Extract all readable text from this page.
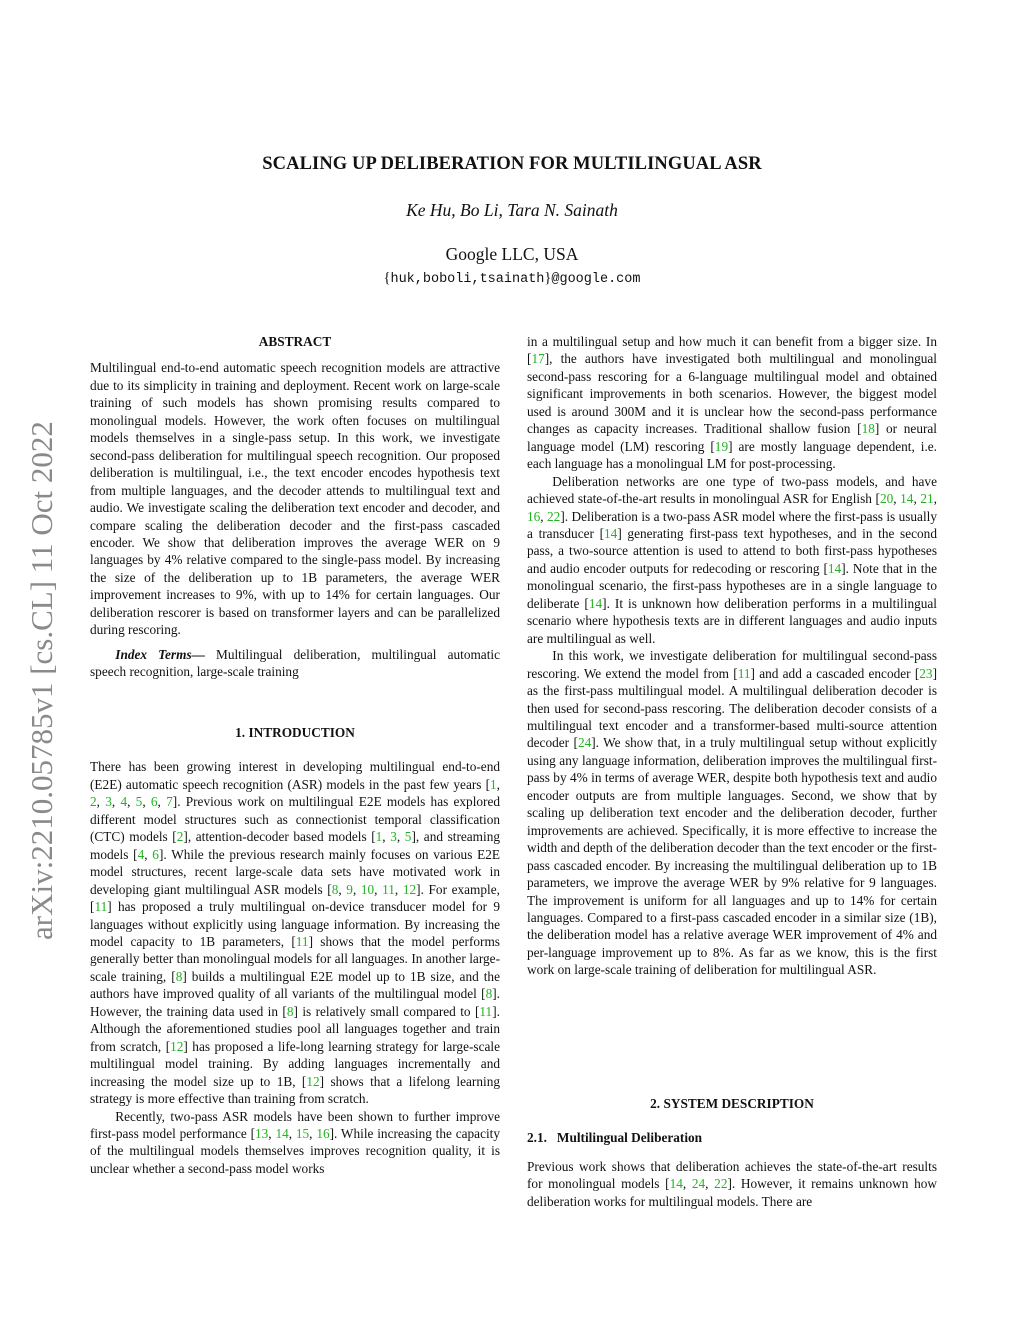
SCALING UP DELIBERATION FOR MULTILINGUAL ASR
Ke Hu, Bo Li, Tara N. Sainath
Google LLC, USA
{huk,boboli,tsainath}@google.com
arXiv:2210.05785v1 [cs.CL] 11 Oct 2022
ABSTRACT

Multilingual end-to-end automatic speech recognition models are attractive due to its simplicity in training and deployment. Recent work on large-scale training of such models has shown promising results compared to monolingual models. However, the work often focuses on multilingual models themselves in a single-pass setup. In this work, we investigate second-pass deliberation for multilingual speech recognition. Our proposed deliberation is multilingual, i.e., the text encoder encodes hypothesis text from multiple languages, and the decoder attends to multilingual text and audio. We investigate scaling the deliberation text encoder and decoder, and compare scaling the deliberation decoder and the first-pass cascaded encoder. We show that deliberation improves the average WER on 9 languages by 4% relative compared to the single-pass model. By increasing the size of the deliberation up to 1B parameters, the average WER improvement increases to 9%, with up to 14% for certain languages. Our deliberation rescorer is based on transformer layers and can be parallelized during rescoring.

Index Terms— Multilingual deliberation, multilingual automatic speech recognition, large-scale training

1. INTRODUCTION

There has been growing interest in developing multilingual end-to-end (E2E) automatic speech recognition (ASR) models in the past few years [1, 2, 3, 4, 5, 6, 7]. Previous work on multilingual E2E models has explored different model structures such as connectionist temporal classification (CTC) models [2], attention-decoder based models [1, 3, 5], and streaming models [4, 6]. While the previous research mainly focuses on various E2E model structures, recent large-scale data sets have motivated work in developing giant multilingual ASR models [8, 9, 10, 11, 12]. For example, [11] has proposed a truly multilingual on-device transducer model for 9 languages without explicitly using language information. By increasing the model capacity to 1B parameters, [11] shows that the model performs generally better than monolingual models for all languages. In another large-scale training, [8] builds a multilingual E2E model up to 1B size, and the authors have improved quality of all variants of the multilingual model [8]. However, the training data used in [8] is relatively small compared to [11]. Although the aforementioned studies pool all languages together and train from scratch, [12] has proposed a life-long learning strategy for large-scale multilingual model training. By adding languages incrementally and increasing the model size up to 1B, [12] shows that a lifelong learning strategy is more effective than training from scratch.

Recently, two-pass ASR models have been shown to further improve first-pass model performance [13, 14, 15, 16]. While increasing the capacity of the multilingual models themselves improves recognition quality, it is unclear whether a second-pass model works

in a multilingual setup and how much it can benefit from a bigger size. In [17], the authors have investigated both multilingual and monolingual second-pass rescoring for a 6-language multilingual model and obtained significant improvements in both scenarios. However, the biggest model used is around 300M and it is unclear how the second-pass performance changes as capacity increases. Traditional shallow fusion [18] or neural language model (LM) rescoring [19] are mostly language dependent, i.e. each language has a monolingual LM for post-processing.

Deliberation networks are one type of two-pass models, and have achieved state-of-the-art results in monolingual ASR for English [20, 14, 21, 16, 22]. Deliberation is a two-pass ASR model where the first-pass is usually a transducer [14] generating first-pass text hypotheses, and in the second pass, a two-source attention is used to attend to both first-pass hypotheses and audio encoder outputs for redecoding or rescoring [14]. Note that in the monolingual scenario, the first-pass hypotheses are in a single language to deliberate [14]. It is unknown how deliberation performs in a multilingual scenario where hypothesis texts are in different languages and audio inputs are multilingual as well.

In this work, we investigate deliberation for multilingual second-pass rescoring. We extend the model from [11] and add a cascaded encoder [23] as the first-pass multilingual model. A multilingual deliberation decoder is then used for second-pass rescoring. The deliberation decoder consists of a multilingual text encoder and a transformer-based multi-source attention decoder [24]. We show that, in a truly multilingual setup without explicitly using any language information, deliberation improves the multilingual first-pass by 4% in terms of average WER, despite both hypothesis text and audio encoder outputs are from multiple languages. Second, we show that by scaling up deliberation text encoder and the deliberation decoder, further improvements are achieved. Specifically, it is more effective to increase the width and depth of the deliberation decoder than the text encoder or the first-pass cascaded encoder. By increasing the multilingual deliberation up to 1B parameters, we improve the average WER by 9% relative for 9 languages. The improvement is uniform for all languages and up to 14% for certain languages. Compared to a first-pass cascaded encoder in a similar size (1B), the deliberation model has a relative average WER improvement of 4% and per-language improvement up to 8%. As far as we know, this is the first work on large-scale training of deliberation for multilingual ASR.

2. SYSTEM DESCRIPTION
2.1.   Multilingual Deliberation

Previous work shows that deliberation achieves the state-of-the-art results for monolingual models [14, 24, 22]. However, it remains unknown how deliberation works for multilingual models. There are
